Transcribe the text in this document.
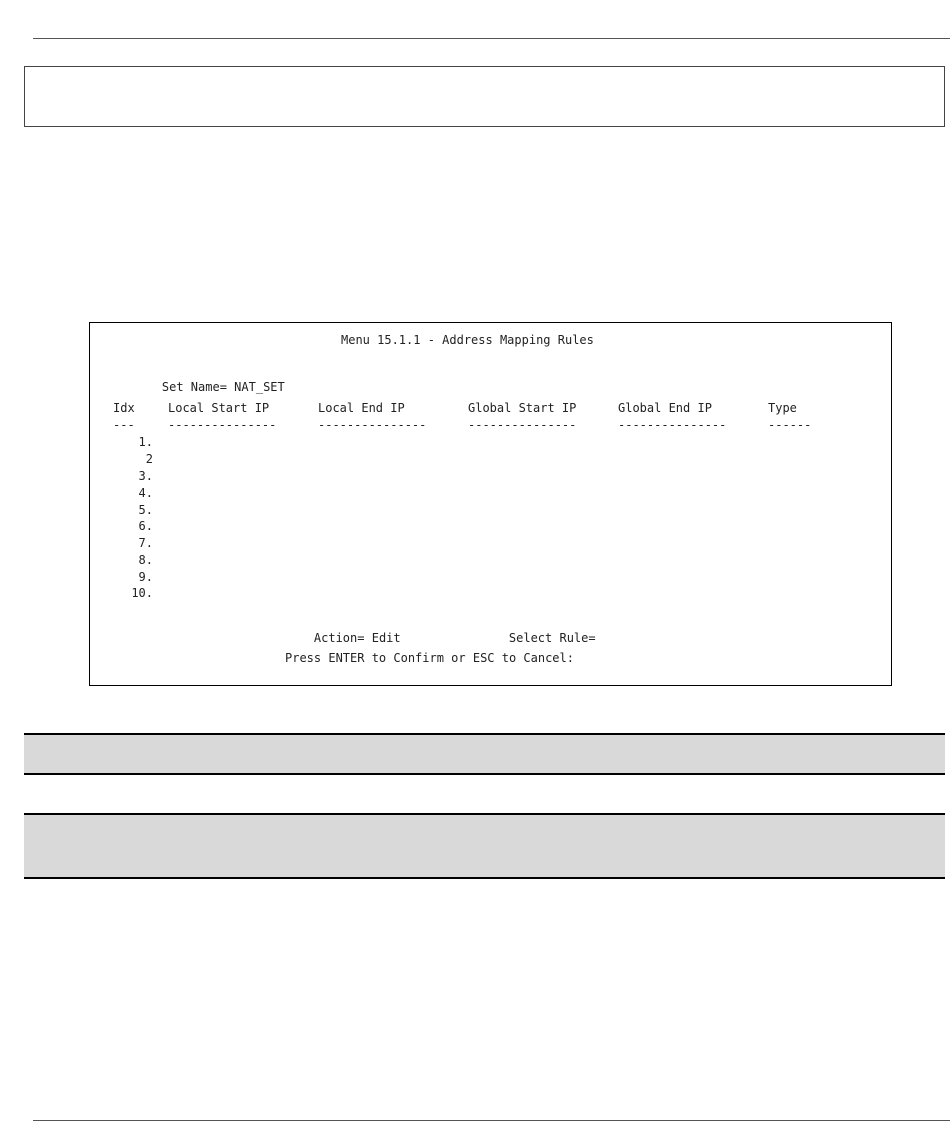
Menu 15.1.1 - Address Mapping Rules

Set Name= NAT_SET

Idx	Local Start IP	Local End IP	Global Start IP	Global End IP	Type
---	---------------	---------------	---------------	---------------	------
1.
2
3.
4.
5.
6.
7.
8.
9.
10.

Action= Edit
	Select Rule=

Press ENTER to Confirm or ESC to Cancel:
